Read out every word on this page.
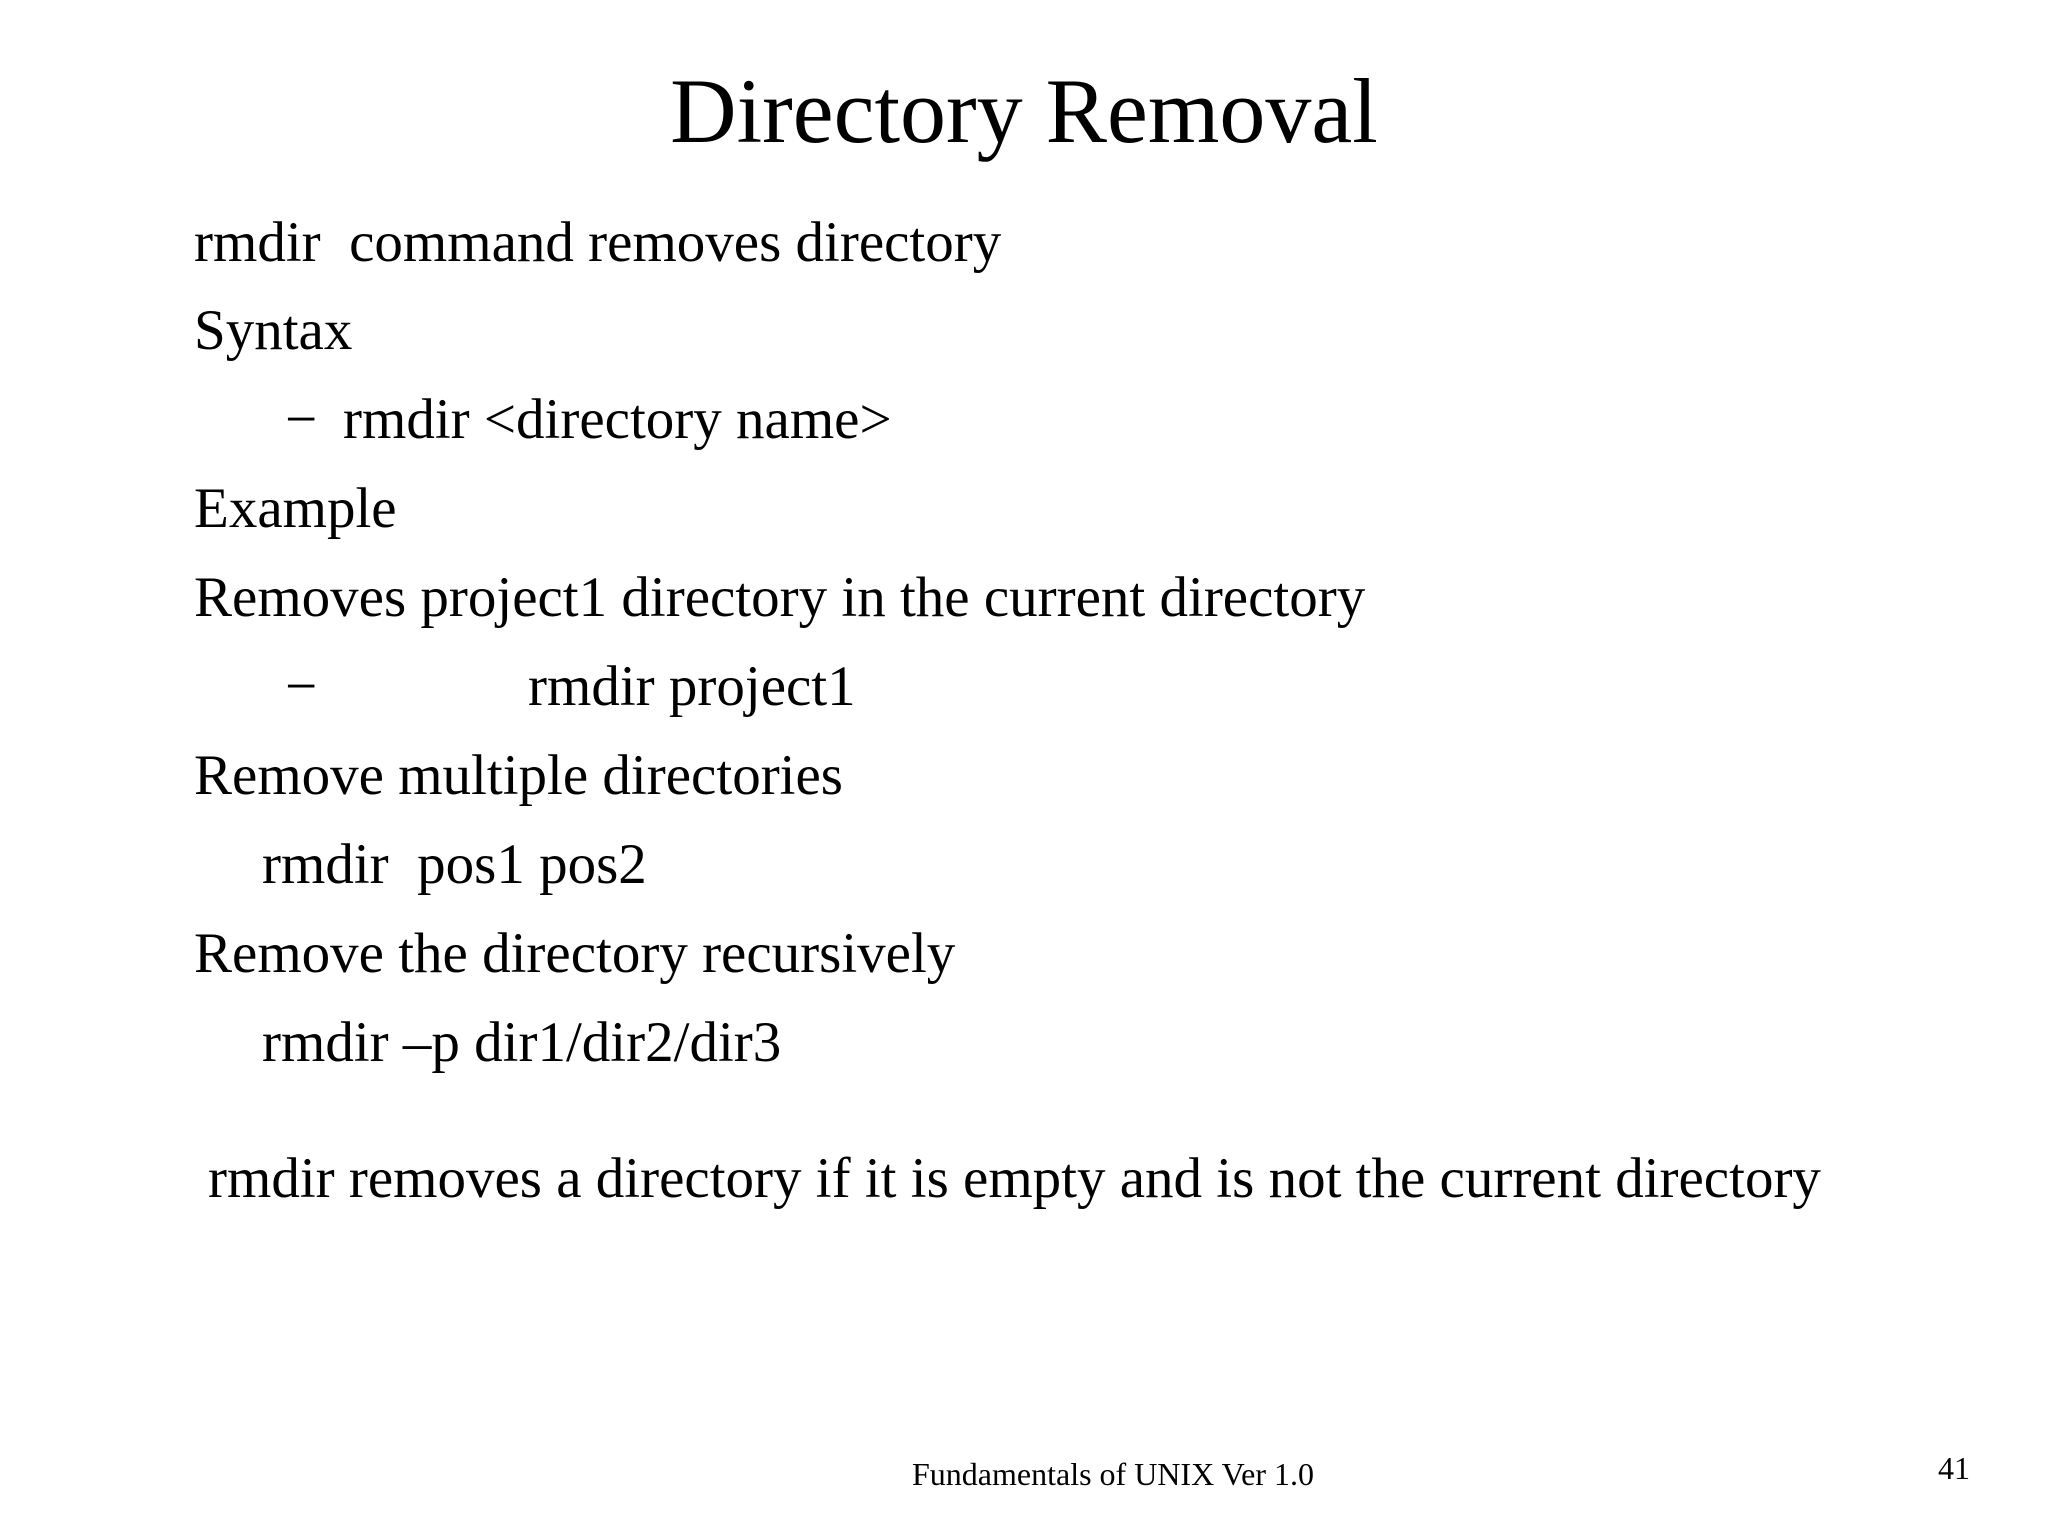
Directory Removal
rmdir  command removes directory
Syntax
− rmdir <directory name>
Example
Removes project1 directory in the current directory
−	rmdir project1
Remove multiple directories
rmdir  pos1 pos2
Remove the directory recursively
rmdir –p dir1/dir2/dir3
rmdir removes a directory if it is empty and is not the current directory
Fundamentals of UNIX Ver 1.0	41
